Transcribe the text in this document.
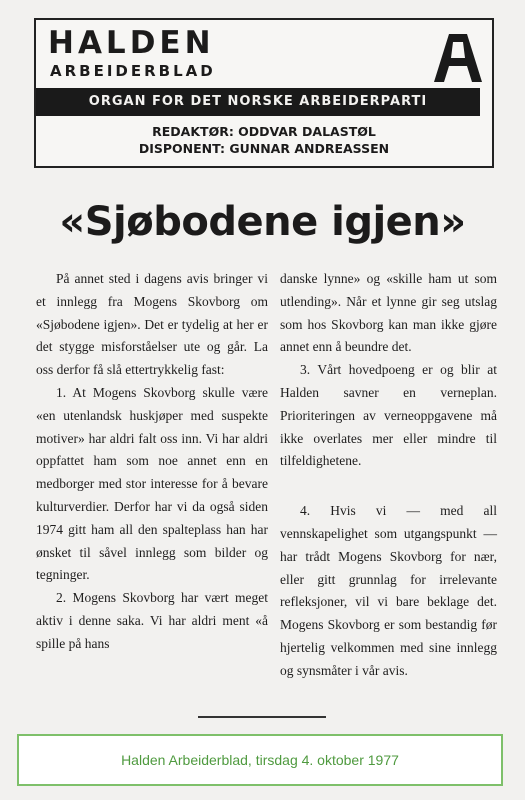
HALDEN
ARBEIDERBLAD
ORGAN FOR DET NORSKE ARBEIDERPARTI
REDAKTØR: ODDVAR DALASTØL
DISPONENT: GUNNAR ANDREASSEN
«Sjøbodene igjen»

På annet sted i dagens avis bringer vi et innlegg fra Mogens Skovborg om «Sjøbodene igjen». Det er tydelig at her er det stygge misforståelser ute og går. La oss derfor få slå ettertrykkelig fast:

1. At Mogens Skovborg skulle være «en utenlandsk huskjøper med suspekte motiver» har aldri falt oss inn. Vi har aldri oppfattet ham som noe annet enn en medborger med stor interesse for å bevare kulturverdier. Derfor har vi da også siden 1974 gitt ham all den spalteplass han har ønsket til såvel innlegg som bilder og tegninger.

2. Mogens Skovborg har vært meget aktiv i denne saka. Vi har aldri ment «å spille på hans

danske lynne» og «skille ham ut som utlending». Når et lynne gir seg utslag som hos Skovborg kan man ikke gjøre annet enn å beundre det.

3. Vårt hovedpoeng er og blir at Halden savner en verneplan. Prioriteringen av verneoppgavene må ikke overlates mer eller mindre til tilfeldighetene.

4. Hvis vi — med all vennskapelighet som utgangspunkt — har trådt Mogens Skovborg for nær, eller gitt grunnlag for irrelevante refleksjoner, vil vi bare beklage det. Mogens Skovborg er som bestandig før hjertelig velkommen med sine innlegg og synsmåter i vår avis.

Halden Arbeiderblad, tirsdag 4. oktober 1977
